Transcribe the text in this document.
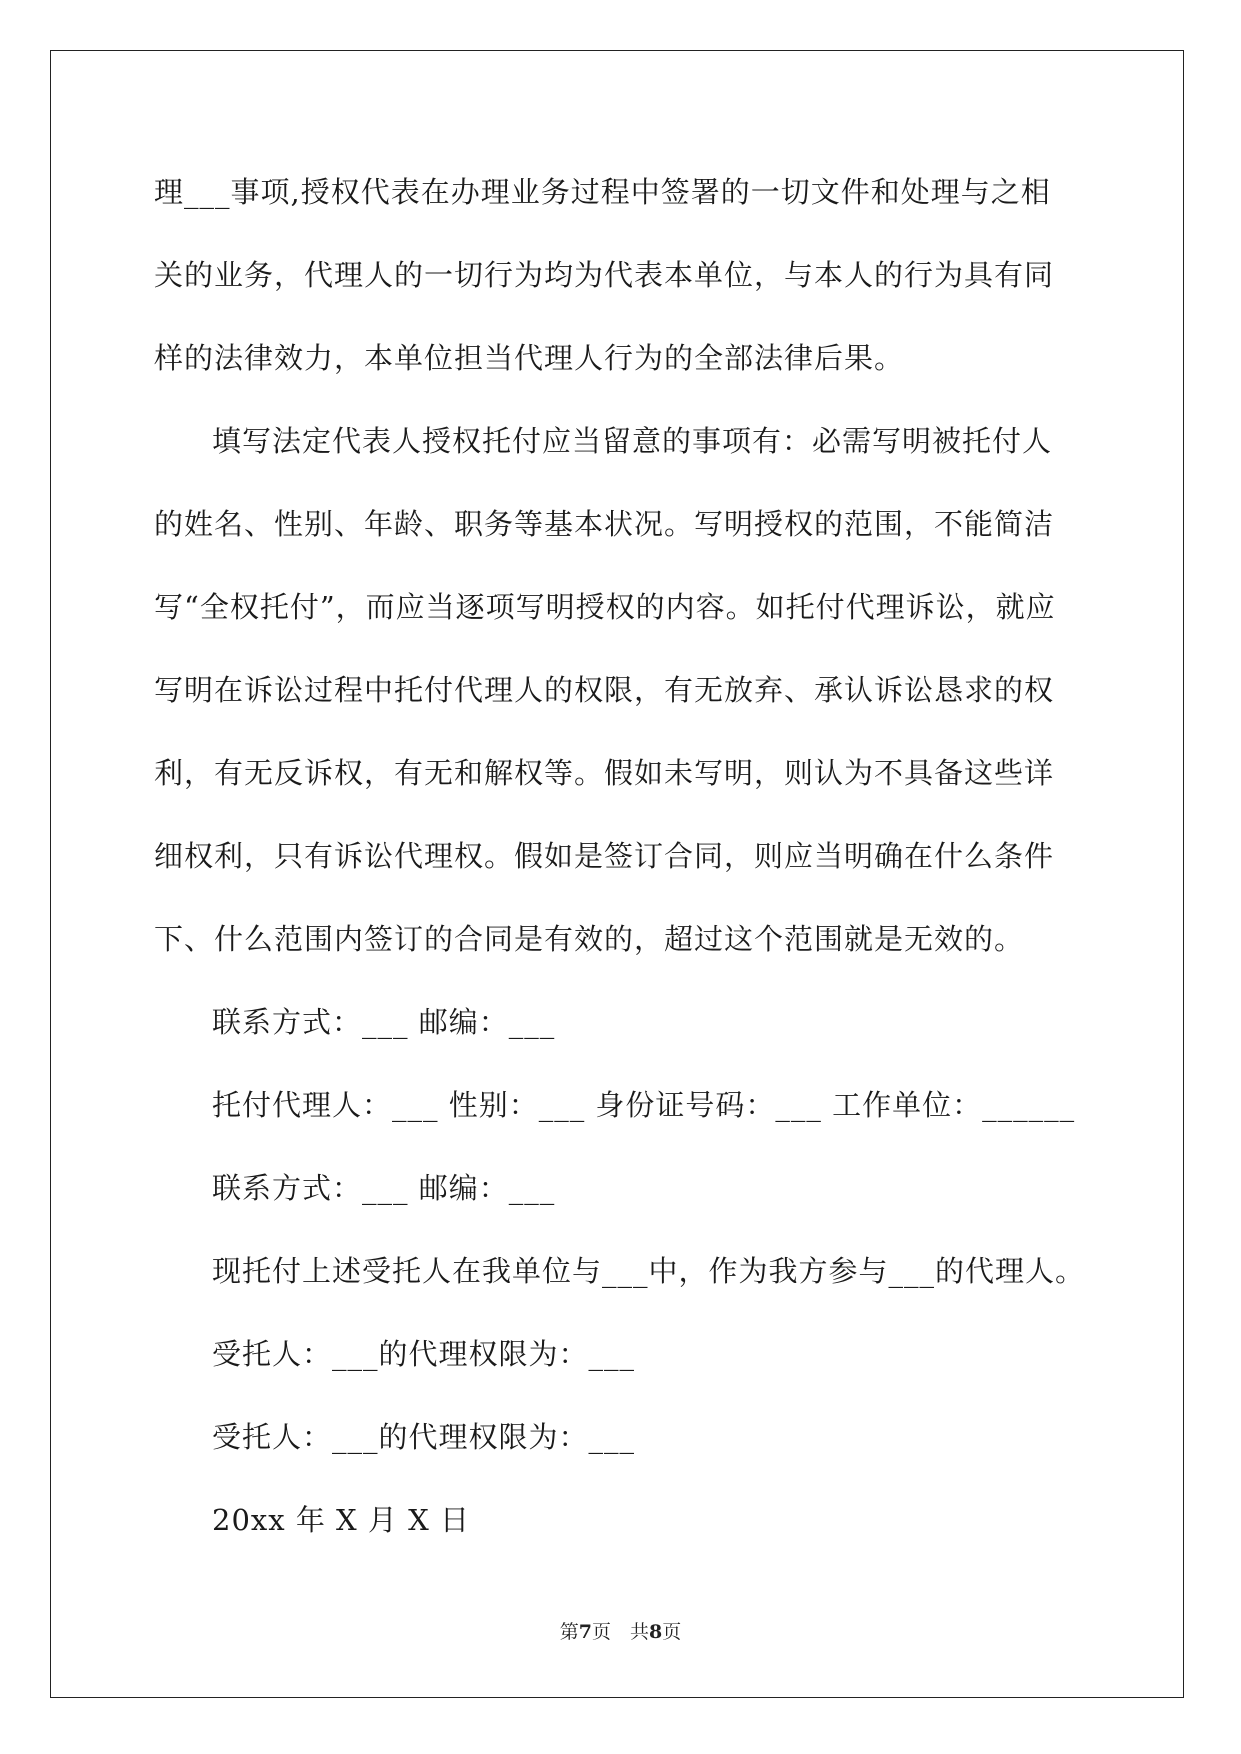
理___事项,授权代表在办理业务过程中签署的一切文件和处理与之相
关的业务，代理人的一切行为均为代表本单位，与本人的行为具有同
样的法律效力，本单位担当代理人行为的全部法律后果。
填写法定代表人授权托付应当留意的事项有：必需写明被托付人
的姓名、性别、年龄、职务等基本状况。写明授权的范围，不能简洁
写“全权托付”，而应当逐项写明授权的内容。如托付代理诉讼，就应
写明在诉讼过程中托付代理人的权限，有无放弃、承认诉讼恳求的权
利，有无反诉权，有无和解权等。假如未写明，则认为不具备这些详
细权利，只有诉讼代理权。假如是签订合同，则应当明确在什么条件
下、什么范围内签订的合同是有效的，超过这个范围就是无效的。
联系方式：___ 邮编：___
托付代理人：___ 性别：___ 身份证号码：___ 工作单位：______
联系方式：___ 邮编：___
现托付上述受托人在我单位与___中，作为我方参与___的代理人。
受托人：___的代理权限为：___
受托人：___的代理权限为：___
20xx 年 X 月 X 日
第7页　共8页
